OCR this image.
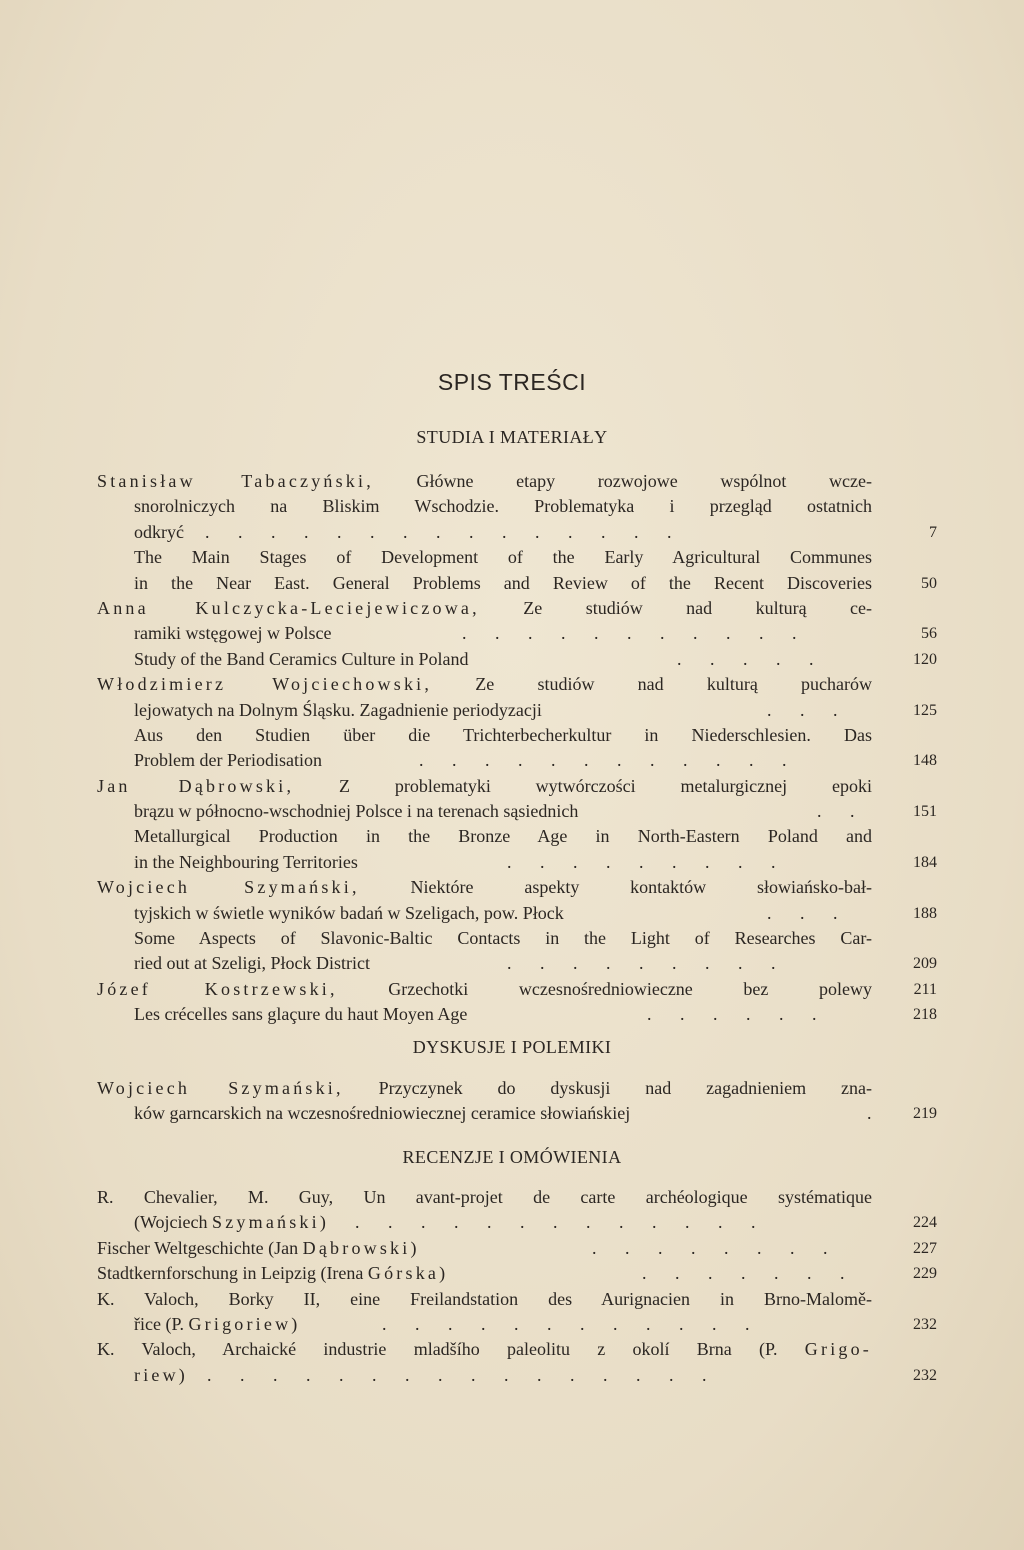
SPIS TREŚCI
STUDIA I MATERIAŁY
Stanisław Tabaczyński, Główne etapy rozwojowe wspólnot wcze-
snorolniczych na Bliskim Wschodzie. Problematyka i przegląd ostatnich
odkryć . . . . . . . . . . . . . . .	7
The Main Stages of Development of the Early Agricultural Communes
in the Near East. General Problems and Review of the Recent Discoveries	50
Anna Kulczycka-Leciejewiczowa, Ze studiów nad kulturą ce-
ramiki wstęgowej w Polsce	. . . . . . . . . . .	56
Study of the Band Ceramics Culture in Poland	. . . . .	120
Włodzimierz Wojciechowski, Ze studiów nad kulturą pucharów
lejowatych na Dolnym Śląsku. Zagadnienie periodyzacji	. . .	125
Aus den Studien über die Trichterbecherkultur in Niederschlesien. Das
Problem der Periodisation	. . . . . . . . . . . .	148
Jan Dąbrowski, Z problematyki wytwórczości metalurgicznej epoki
brązu w północno-wschodniej Polsce i na terenach sąsiednich	. .	151
Metallurgical Production in the Bronze Age in North-Eastern Poland and
in the Neighbouring Territories	. . . . . . . . .	184
Wojciech Szymański, Niektóre aspekty kontaktów słowiańsko-bał-
tyjskich w świetle wyników badań w Szeligach, pow. Płock	. . .	188
Some Aspects of Slavonic-Baltic Contacts in the Light of Researches Car-
ried out at Szeligi, Płock District	. . . . . . . . .	209
Józef Kostrzewski, Grzechotki wczesnośredniowieczne bez polewy	211
Les crécelles sans glaçure du haut Moyen Age	. . . . . .	218
DYSKUSJE I POLEMIKI
Wojciech Szymański, Przyczynek do dyskusji nad zagadnieniem zna-
ków garncarskich na wczesnośredniowiecznej ceramice słowiańskiej	. 219
RECENZJE I OMÓWIENIA
R. Chevalier, M. Guy, Un avant-projet de carte archéologique systématique
(Wojciech Szymański) . . . . . . . . . . . . .	224
Fischer Weltgeschichte (Jan Dąbrowski)	. . . . . . . .	227
Stadtkernforschung in Leipzig (Irena Górska)	. . . . . . .	229
K. Valoch, Borky II, eine Freilandstation des Aurignacien in Brno-Malomě-
řice (P. Grigoriew)	. . . . . . . . . . . .	232
K. Valoch, Archaické industrie mladšího paleolitu z okolí Brna (P. Grigo-
riew) . . . . . . . . . . . . . . . .	232
